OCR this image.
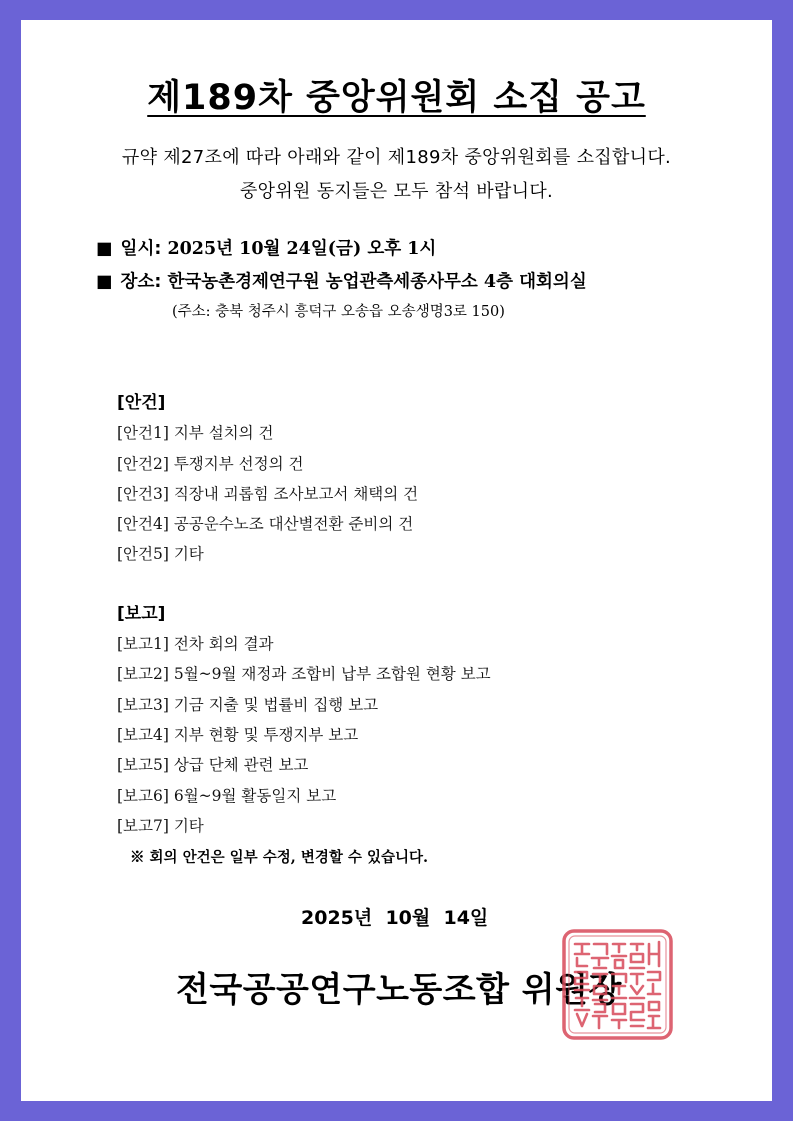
제189차 중앙위원회 소집 공고
규약 제27조에 따라 아래와 같이 제189차 중앙위원회를 소집합니다.
중앙위원 동지들은 모두 참석 바랍니다.
■ 일시: 2025년 10월 24일(금) 오후 1시
■ 장소: 한국농촌경제연구원 농업관측세종사무소 4층 대회의실
(주소: 충북 청주시 흥덕구 오송읍 오송생명3로 150)
[안건]
[안건1] 지부 설치의 건
[안건2] 투쟁지부 선정의 건
[안건3] 직장내 괴롭힘 조사보고서 채택의 건
[안건4] 공공운수노조 대산별전환 준비의 건
[안건5] 기타
[보고]
[보고1] 전차 회의 결과
[보고2] 5월~9월 재정과 조합비 납부 조합원 현황 보고
[보고3] 기금 지출 및 법률비 집행 보고
[보고4] 지부 현황 및 투쟁지부 보고
[보고5] 상급 단체 관련 보고
[보고6] 6월~9월 활동일지 보고
[보고7] 기타
※ 회의 안건은 일부 수정, 변경할 수 있습니다.
2025년  10월  14일
전국공공연구노동조합 위원장
